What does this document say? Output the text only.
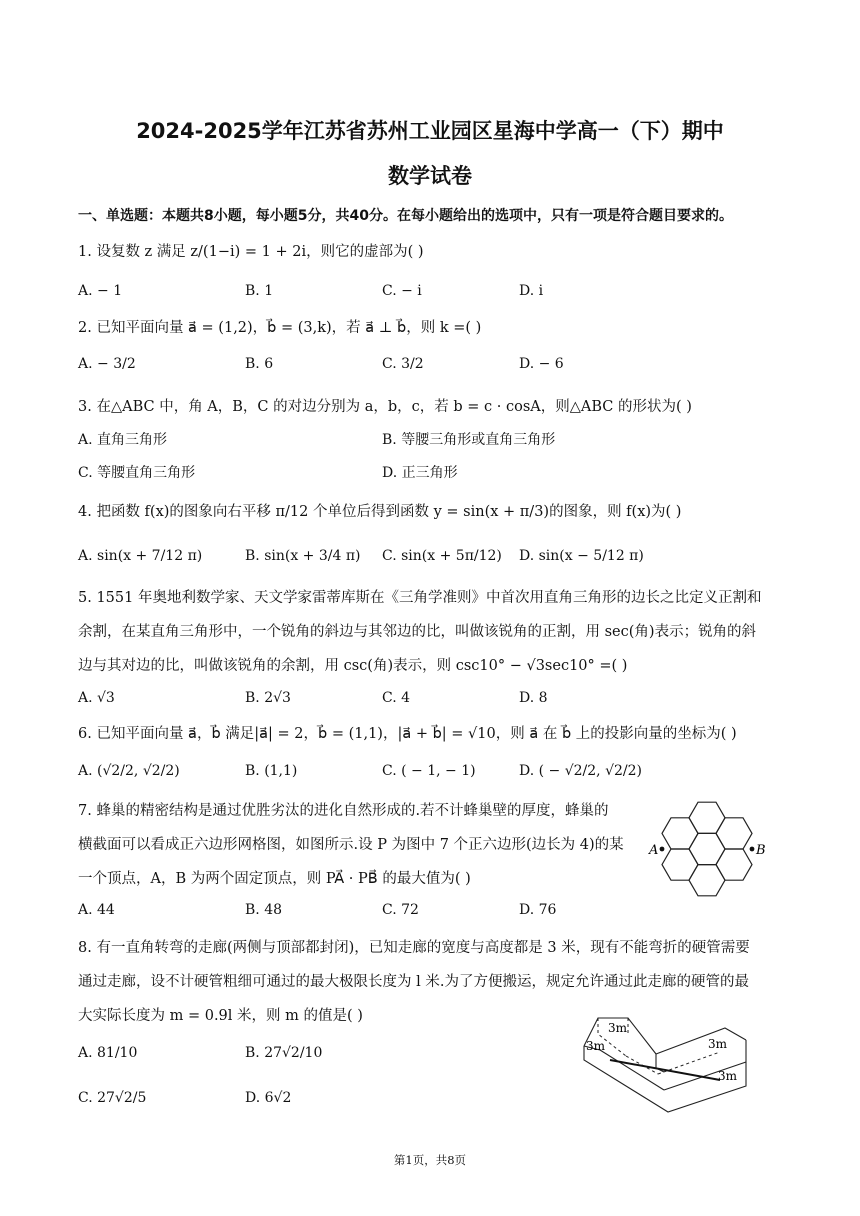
2024-2025学年江苏省苏州工业园区星海中学高一（下）期中
数学试卷
一、单选题：本题共8小题，每小题5分，共40分。在每小题给出的选项中，只有一项是符合题目要求的。
1. 设复数 z 满足 z/(1−i) = 1 + 2i，则它的虚部为( )
A. − 1	B. 1	C. − i	D. i
2. 已知平面向量 a⃗ = (1,2)，b⃗ = (3,k)，若 a⃗ ⊥ b⃗，则 k =( )
A. − 3/2	B. 6	C. 3/2	D. − 6
3. 在△ABC 中，角 A，B，C 的对边分别为 a，b，c，若 b = c · cosA，则△ABC 的形状为( )
A. 直角三角形	B. 等腰三角形或直角三角形
C. 等腰直角三角形	D. 正三角形
4. 把函数 f(x)的图象向右平移 π/12 个单位后得到函数 y = sin(x + π/3)的图象，则 f(x)为( )
A. sin(x + 7/12 π)	B. sin(x + 3/4 π) C. sin(x + 5π/12) D. sin(x − 5/12 π)
5. 1551 年奥地利数学家、天文学家雷蒂库斯在《三角学准则》中首次用直角三角形的边长之比定义正割和
余割，在某直角三角形中，一个锐角的斜边与其邻边的比，叫做该锐角的正割，用 sec(角)表示；锐角的斜
边与其对边的比，叫做该锐角的余割，用 csc(角)表示，则 csc10° − √3sec10° =( )
A. √3	B. 2√3	C. 4	D. 8
6. 已知平面向量 a⃗，b⃗ 满足|a⃗| = 2，b⃗ = (1,1)，|a⃗ + b⃗| = √10，则 a⃗ 在 b⃗ 上的投影向量的坐标为( )
A. (√2/2, √2/2)	B. (1,1)	C. ( − 1, − 1)	D. ( − √2/2, √2/2)
7. 蜂巢的精密结构是通过优胜劣汰的进化自然形成的.若不计蜂巢壁的厚度，蜂巢的
横截面可以看成正六边形网格图，如图所示.设 P 为图中 7 个正六边形(边长为 4)的某
一个顶点，A，B 为两个固定顶点，则 PA⃗ · PB⃗ 的最大值为( )
A. 44	B. 48	C. 72	D. 76
A	B
8. 有一直角转弯的走廊(两侧与顶部都封闭)，已知走廊的宽度与高度都是 3 米，现有不能弯折的硬管需要
通过走廊，设不计硬管粗细可通过的最大极限长度为 l 米.为了方便搬运，规定允许通过此走廊的硬管的最
大实际长度为 m = 0.9l 米，则 m 的值是( )
A. 81/10	B. 27√2/10
C. 27√2/5	D. 6√2
3m
3m	3m
3m
第1页，共8页
